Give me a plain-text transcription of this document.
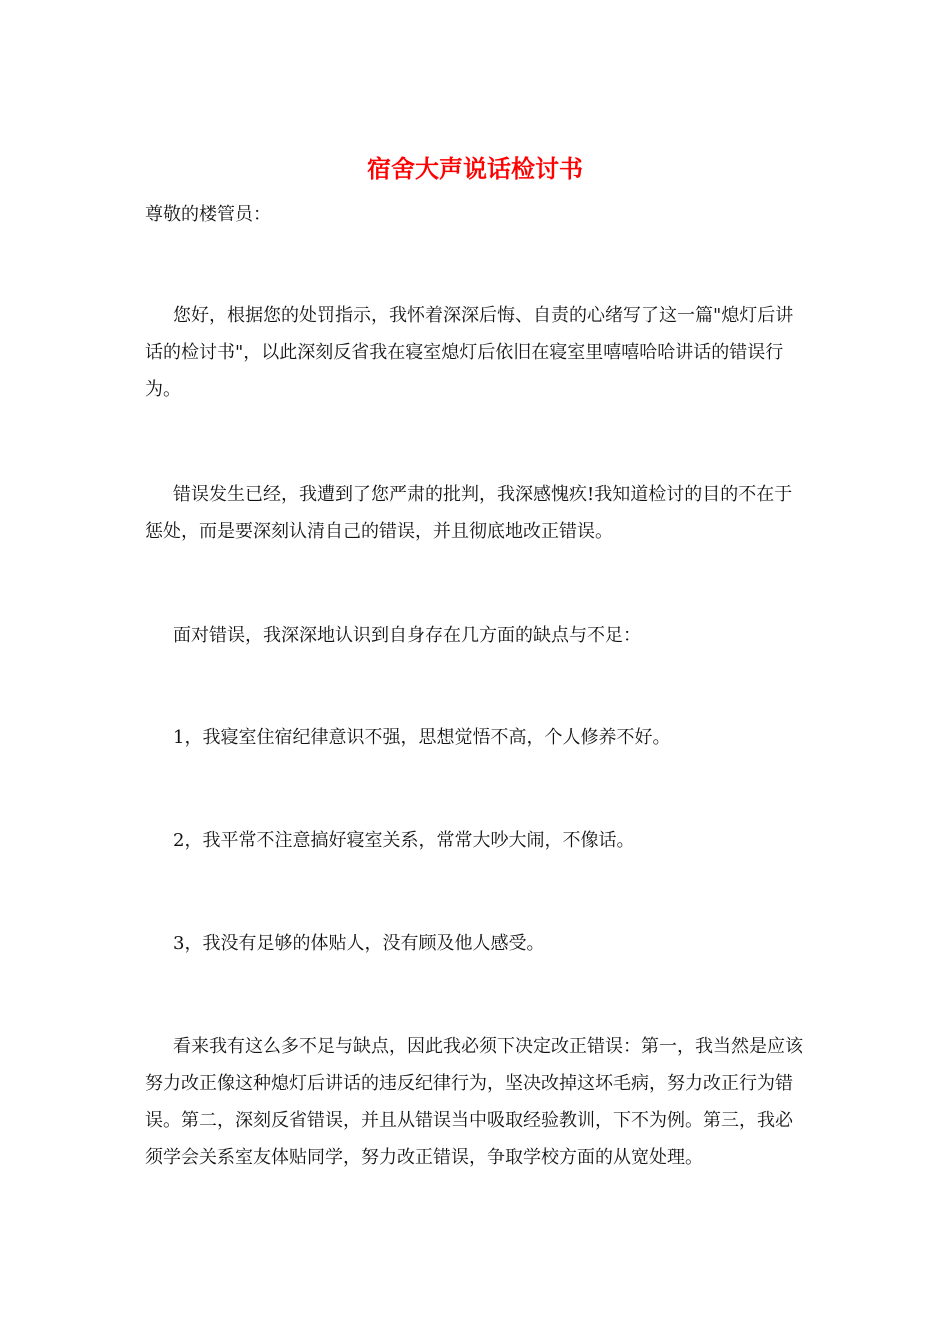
宿舍大声说话检讨书

尊敬的楼管员：

您好，根据您的处罚指示，我怀着深深后悔、自责的心绪写了这一篇"熄灯后讲话的检讨书"，以此深刻反省我在寝室熄灯后依旧在寝室里嘻嘻哈哈讲话的错误行为。

错误发生已经，我遭到了您严肃的批判，我深感愧疚!我知道检讨的目的不在于惩处，而是要深刻认清自己的错误，并且彻底地改正错误。

面对错误，我深深地认识到自身存在几方面的缺点与不足：

1，我寝室住宿纪律意识不强，思想觉悟不高，个人修养不好。

2，我平常不注意搞好寝室关系，常常大吵大闹，不像话。

3，我没有足够的体贴人，没有顾及他人感受。

看来我有这么多不足与缺点，因此我必须下决定改正错误：第一，我当然是应该努力改正像这种熄灯后讲话的违反纪律行为，坚决改掉这坏毛病，努力改正行为错误。第二，深刻反省错误，并且从错误当中吸取经验教训，下不为例。第三，我必须学会关系室友体贴同学，努力改正错误，争取学校方面的从宽处理。
